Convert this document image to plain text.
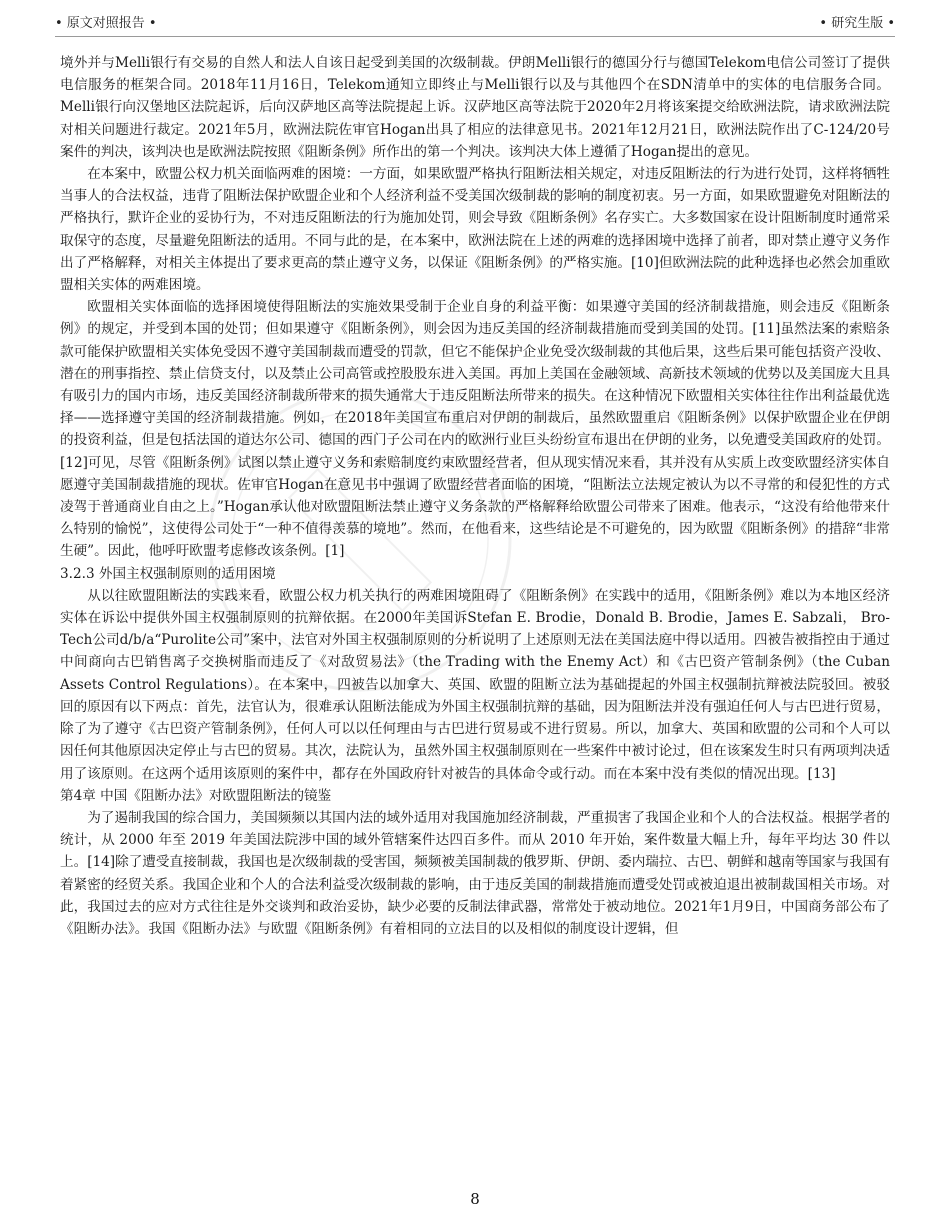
• 原文对照报告 •	• 研究生版 •

境外并与Melli银行有交易的自然人和法人自该日起受到美国的次级制裁。伊朗Melli银行的德国分行与德国Telekom电信公司签订了提供电信服务的框架合同。2018年11月16日，Telekom通知立即终止与Melli银行以及与其他四个在SDN清单中的实体的电信服务合同。Melli银行向汉堡地区法院起诉，后向汉萨地区高等法院提起上诉。汉萨地区高等法院于2020年2月将该案提交给欧洲法院，请求欧洲法院对相关问题进行裁定。2021年5月，欧洲法院佐审官Hogan出具了相应的法律意见书。2021年12月21日，欧洲法院作出了C-124/20号案件的判决，该判决也是欧洲法院按照《阻断条例》所作出的第一个判决。该判决大体上遵循了Hogan提出的意见。

在本案中，欧盟公权力机关面临两难的困境：一方面，如果欧盟严格执行阻断法相关规定，对违反阻断法的行为进行处罚，这样将牺牲当事人的合法权益，违背了阻断法保护欧盟企业和个人经济利益不受美国次级制裁的影响的制度初衷。另一方面，如果欧盟避免对阻断法的严格执行，默许企业的妥协行为，不对违反阻断法的行为施加处罚，则会导致《阻断条例》名存实亡。大多数国家在设计阻断制度时通常采取保守的态度，尽量避免阻断法的适用。不同与此的是，在本案中，欧洲法院在上述的两难的选择困境中选择了前者，即对禁止遵守义务作出了严格解释，对相关主体提出了要求更高的禁止遵守义务，以保证《阻断条例》的严格实施。[10]但欧洲法院的此种选择也必然会加重欧盟相关实体的两难困境。

欧盟相关实体面临的选择困境使得阻断法的实施效果受制于企业自身的利益平衡：如果遵守美国的经济制裁措施，则会违反《阻断条例》的规定，并受到本国的处罚；但如果遵守《阻断条例》，则会因为违反美国的经济制裁措施而受到美国的处罚。[11]虽然法案的索赔条款可能保护欧盟相关实体免受因不遵守美国制裁而遭受的罚款，但它不能保护企业免受次级制裁的其他后果，这些后果可能包括资产没收、潜在的刑事指控、禁止信贷支付，以及禁止公司高管或控股股东进入美国。再加上美国在金融领域、高新技术领域的优势以及美国庞大且具有吸引力的国内市场，违反美国经济制裁所带来的损失通常大于违反阻断法所带来的损失。在这种情况下欧盟相关实体往往作出利益最优选择——选择遵守美国的经济制裁措施。例如，在2018年美国宣布重启对伊朗的制裁后，虽然欧盟重启《阻断条例》以保护欧盟企业在伊朗的投资利益，但是包括法国的道达尔公司、德国的西门子公司在内的欧洲行业巨头纷纷宣布退出在伊朗的业务，以免遭受美国政府的处罚。[12]可见，尽管《阻断条例》试图以禁止遵守义务和索赔制度约束欧盟经营者，但从现实情况来看，其并没有从实质上改变欧盟经济实体自愿遵守美国制裁措施的现状。佐审官Hogan在意见书中强调了欧盟经营者面临的困境，“阻断法立法规定被认为以不寻常的和侵犯性的方式凌驾于普通商业自由之上。”Hogan承认他对欧盟阻断法禁止遵守义务条款的严格解释给欧盟公司带来了困难。他表示，“这没有给他带来什么特别的愉悦”，这使得公司处于“一种不值得羡慕的境地”。然而，在他看来，这些结论是不可避免的，因为欧盟《阻断条例》的措辞“非常生硬”。因此，他呼吁欧盟考虑修改该条例。[1]

3.2.3 外国主权强制原则的适用困境

从以往欧盟阻断法的实践来看，欧盟公权力机关执行的两难困境阻碍了《阻断条例》在实践中的适用，《阻断条例》难以为本地区经济实体在诉讼中提供外国主权强制原则的抗辩依据。在2000年美国诉Stefan E. Brodie，Donald B. Brodie，James E. Sabzali， Bro-Tech公司d/b/a“Purolite公司”案中，法官对外国主权强制原则的分析说明了上述原则无法在美国法庭中得以适用。四被告被指控由于通过中间商向古巴销售离子交换树脂而违反了《对敌贸易法》（the Trading with the Enemy Act）和《古巴资产管制条例》（the Cuban Assets Control Regulations）。在本案中，四被告以加拿大、英国、欧盟的阻断立法为基础提起的外国主权强制抗辩被法院驳回。被驳回的原因有以下两点：首先，法官认为，很难承认阻断法能成为外国主权强制抗辩的基础，因为阻断法并没有强迫任何人与古巴进行贸易，除了为了遵守《古巴资产管制条例》，任何人可以以任何理由与古巴进行贸易或不进行贸易。所以，加拿大、英国和欧盟的公司和个人可以因任何其他原因决定停止与古巴的贸易。其次，法院认为，虽然外国主权强制原则在一些案件中被讨论过，但在该案发生时只有两项判决适用了该原则。在这两个适用该原则的案件中，都存在外国政府针对被告的具体命令或行动。而在本案中没有类似的情况出现。[13]

第4章 中国《阻断办法》对欧盟阻断法的镜鉴

为了遏制我国的综合国力，美国频频以其国内法的域外适用对我国施加经济制裁，严重损害了我国企业和个人的合法权益。根据学者的统计，从 2000 年至 2019 年美国法院涉中国的域外管辖案件达四百多件。而从 2010 年开始，案件数量大幅上升，每年平均达 30 件以上。[14]除了遭受直接制裁，我国也是次级制裁的受害国，频频被美国制裁的俄罗斯、伊朗、委内瑞拉、古巴、朝鲜和越南等国家与我国有着紧密的经贸关系。我国企业和个人的合法利益受次级制裁的影响，由于违反美国的制裁措施而遭受处罚或被迫退出被制裁国相关市场。对此，我国过去的应对方式往往是外交谈判和政治妥协，缺少必要的反制法律武器，常常处于被动地位。2021年1月9日，中国商务部公布了《阻断办法》。我国《阻断办法》与欧盟《阻断条例》有着相同的立法目的以及相似的制度设计逻辑，但

8
